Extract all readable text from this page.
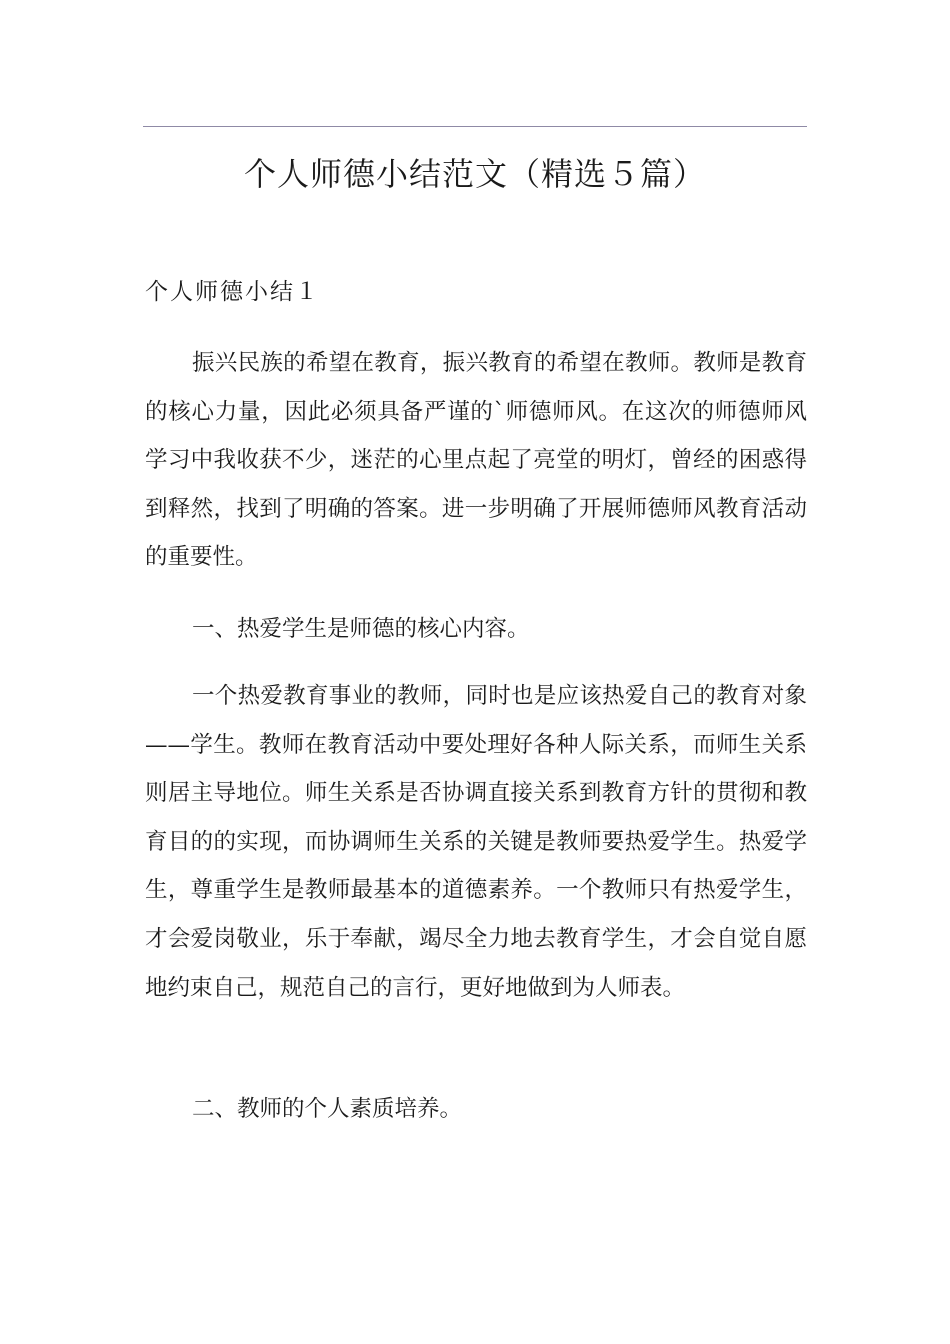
个人师德小结范文（精选５篇）
个人师德小结１

振兴民族的希望在教育，振兴教育的希望在教师。教师是教育的核心力量，因此必须具备严谨的`师德师风。在这次的师德师风学习中我收获不少，迷茫的心里点起了亮堂的明灯，曾经的困惑得到释然，找到了明确的答案。进一步明确了开展师德师风教育活动的重要性。

一、热爱学生是师德的核心内容。

一个热爱教育事业的教师，同时也是应该热爱自己的教育对象——学生。教师在教育活动中要处理好各种人际关系，而师生关系则居主导地位。师生关系是否协调直接关系到教育方针的贯彻和教育目的的实现，而协调师生关系的关键是教师要热爱学生。热爱学生，尊重学生是教师最基本的道德素养。一个教师只有热爱学生，才会爱岗敬业，乐于奉献，竭尽全力地去教育学生，才会自觉自愿地约束自己，规范自己的言行，更好地做到为人师表。

二、教师的个人素质培养。
